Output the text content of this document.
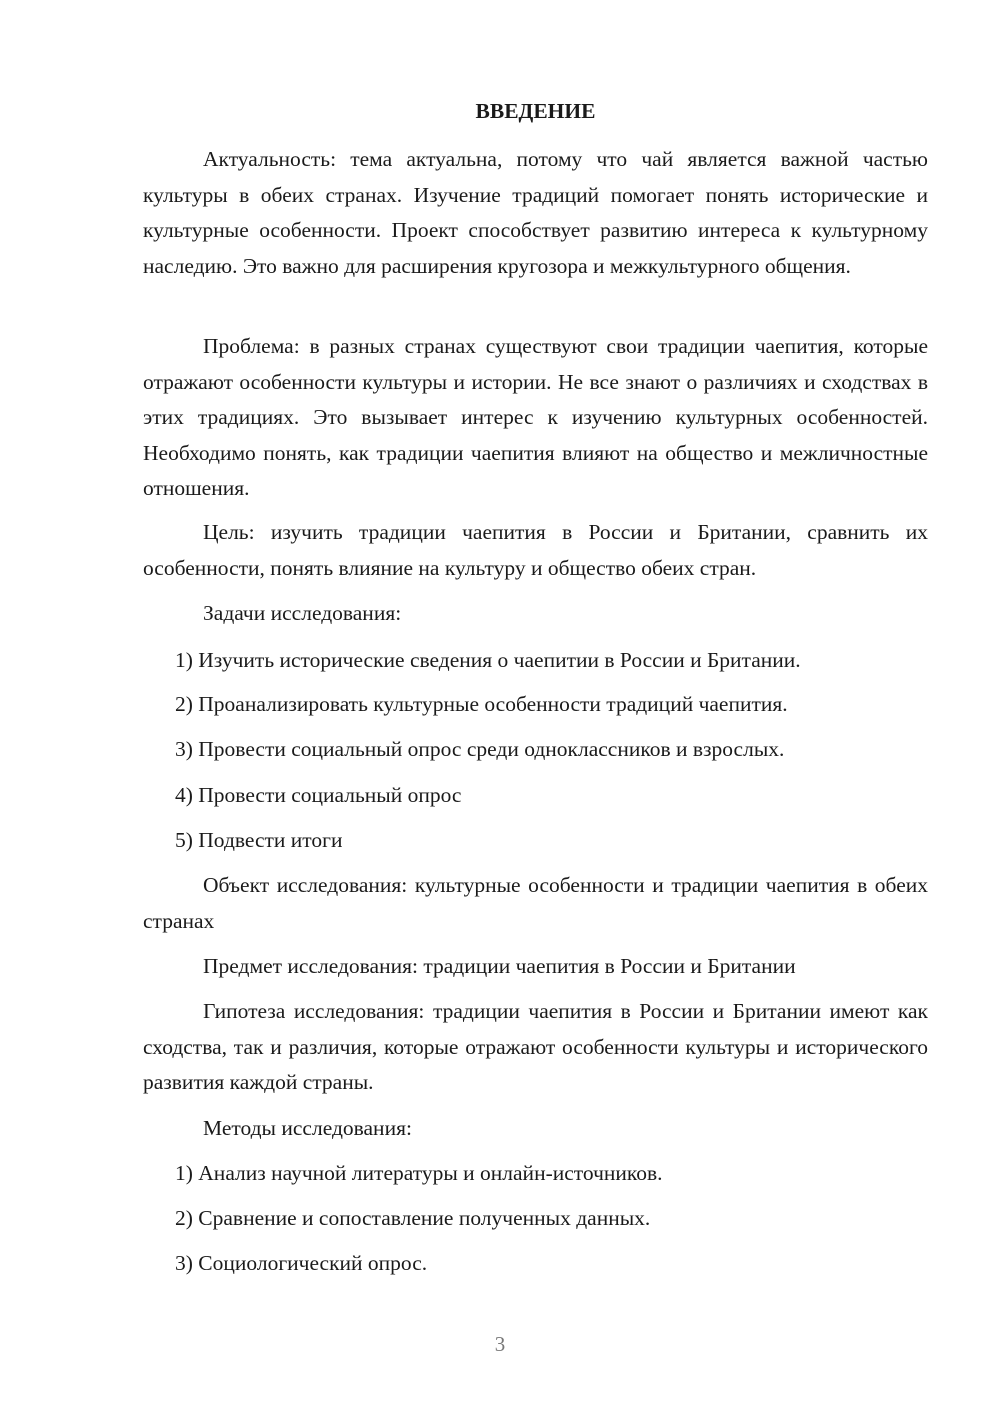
ВВЕДЕНИЕ

Актуальность: тема актуальна, потому что чай является важной частью культуры в обеих странах. Изучение традиций помогает понять исторические и культурные особенности. Проект способствует развитию интереса к культурному наследию. Это важно для расширения кругозора и межкультурного общения.

Проблема: в разных странах существуют свои традиции чаепития, которые отражают особенности культуры и истории. Не все знают о различиях и сходствах в этих традициях. Это вызывает интерес к изучению культурных особенностей. Необходимо понять, как традиции чаепития влияют на общество и межличностные отношения.

Цель: изучить традиции чаепития в России и Британии, сравнить их особенности, понять влияние на культуру и общество обеих стран.

Задачи исследования:

1) Изучить исторические сведения о чаепитии в России и Британии.

2) Проанализировать культурные особенности традиций чаепития.

3) Провести социальный опрос среди одноклассников и взрослых.

4) Провести социальный опрос

5) Подвести итоги

Объект исследования: культурные особенности и традиции чаепития в обеих странах

Предмет исследования: традиции чаепития в России и Британии

Гипотеза исследования: традиции чаепития в России и Британии имеют как сходства, так и различия, которые отражают особенности культуры и исторического развития каждой страны.

Методы исследования:

1) Анализ научной литературы и онлайн-источников.

2) Сравнение и сопоставление полученных данных.

3) Социологический опрос.

3
